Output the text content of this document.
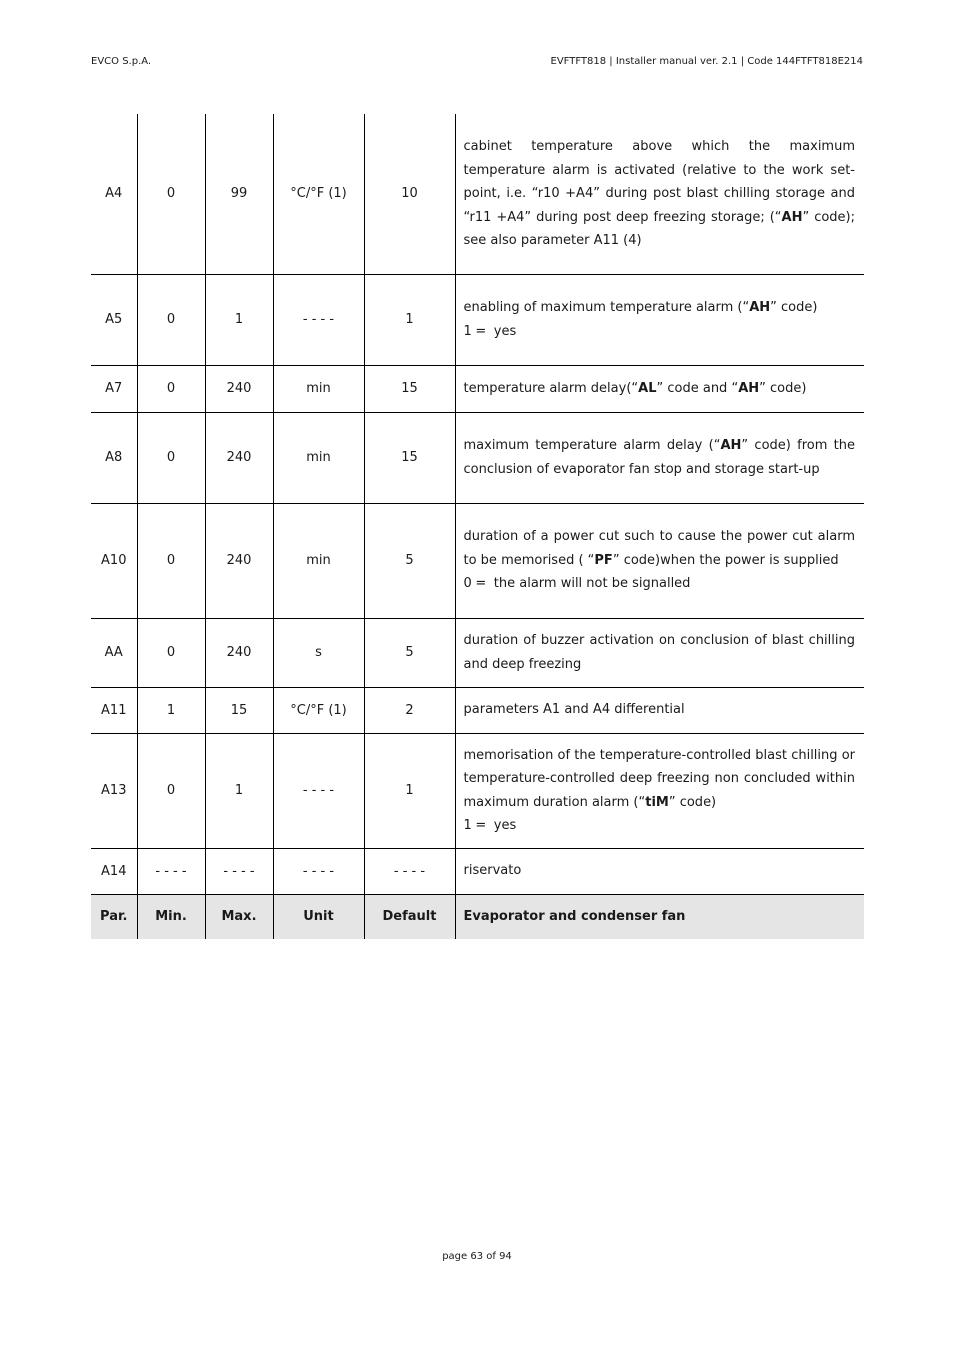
EVCO S.p.A.	EVFTFT818 | Installer manual ver. 2.1 | Code 144FTFT818E214
A4	0	99	°C/°F (1)	10	cabinet temperature above which the maximum temperature alarm is activated (relative to the work set-point, i.e. “r10 +A4” during post blast chilling storage and “r11 +A4” during post deep freezing storage; (“AH” code); see also parameter A11 (4)
A5	0	1	- - - -	1	enabling of maximum temperature alarm (“AH” code)
1 = yes

A7	0	240	min	15	temperature alarm delay(“AL” code and “AH” code)
A8	0	240	min	15	maximum temperature alarm delay (“AH” code) from the conclusion of evaporator fan stop and storage start-up
A10	0	240	min	5	duration of a power cut such to cause the power cut alarm to be memorised ( “PF” code)when the power is supplied
0 = the alarm will not be signalled

AA	0	240	s	5	duration of buzzer activation on conclusion of blast chilling and deep freezing
A11	1	15	°C/°F (1)	2	parameters A1 and A4 differential
A13	0	1	- - - -	1	memorisation of the temperature-controlled blast chilling or temperature-controlled deep freezing non concluded within maximum duration alarm (“tiM” code)
1 = yes

A14	- - - -	- - - -	- - - -	- - - -	riservato
Par.	Min.	Max.	Unit	Default	Evaporator and condenser fan
page 63 of 94
